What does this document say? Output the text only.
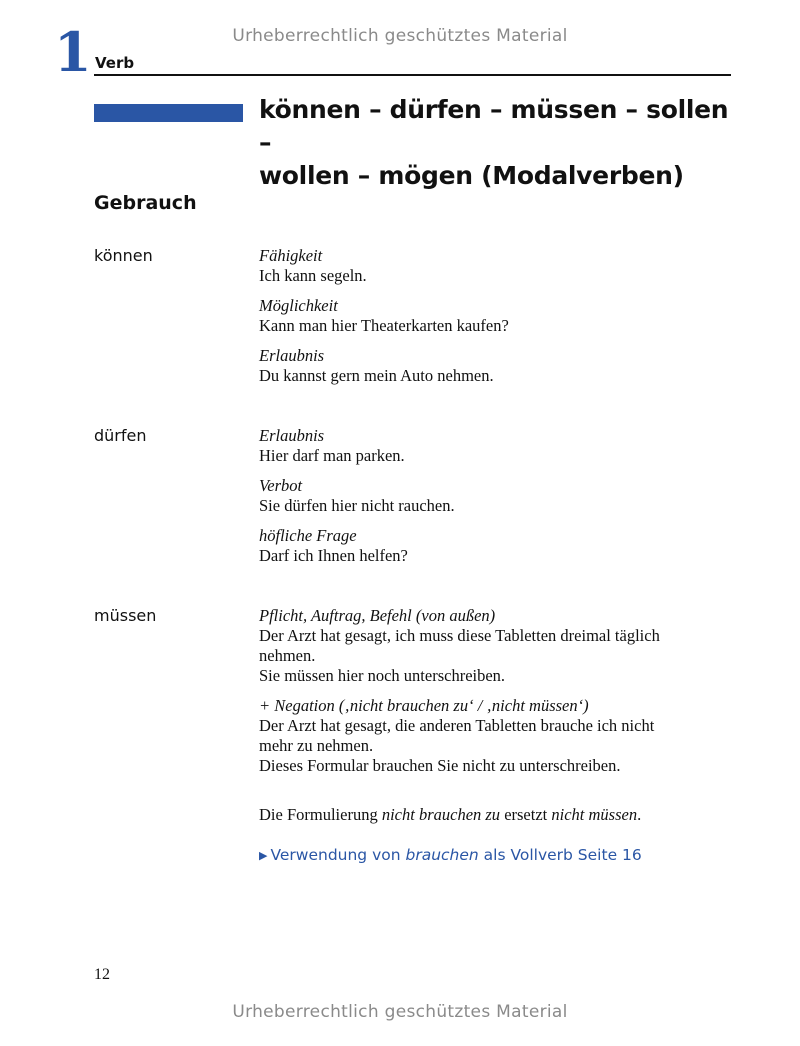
Urheberrechtlich geschütztes Material
1 Verb
können – dürfen – müssen – sollen –
wollen – mögen (Modalverben)
Gebrauch
können	Fähigkeit
Ich kann segeln.
Möglichkeit
Kann man hier Theaterkarten kaufen?
Erlaubnis
Du kannst gern mein Auto nehmen.
dürfen	Erlaubnis
Hier darf man parken.
Verbot
Sie dürfen hier nicht rauchen.
höfliche Frage
Darf ich Ihnen helfen?
müssen	Pflicht, Auftrag, Befehl (von außen)
Der Arzt hat gesagt, ich muss diese Tabletten dreimal täglich
nehmen.
Sie müssen hier noch unterschreiben.
+ Negation (‚nicht brauchen zu‘ / ‚nicht müssen‘)
Der Arzt hat gesagt, die anderen Tabletten brauche ich nicht
mehr zu nehmen.
Dieses Formular brauchen Sie nicht zu unterschreiben.
Die Formulierung nicht brauchen zu ersetzt nicht müssen.
▶ Verwendung von brauchen als Vollverb Seite 16
12
Urheberrechtlich geschütztes Material
